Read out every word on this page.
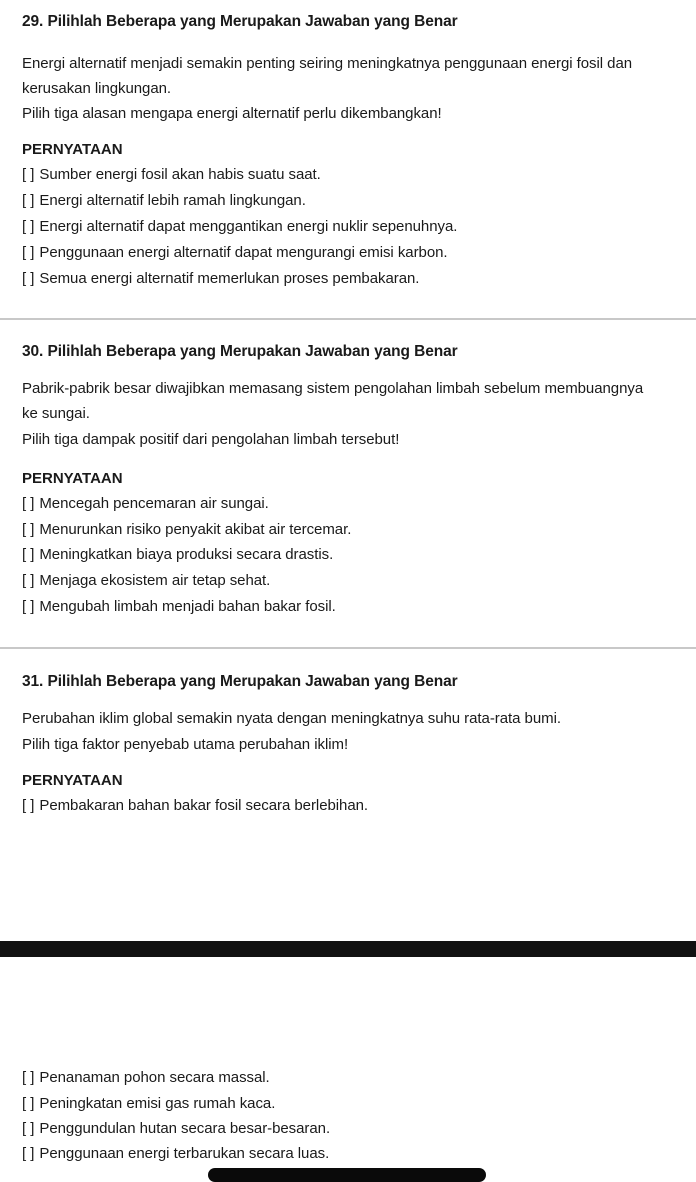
29. Pilihlah Beberapa yang Merupakan Jawaban yang Benar
Energi alternatif menjadi semakin penting seiring meningkatnya penggunaan energi fosil dan
kerusakan lingkungan.
Pilih tiga alasan mengapa energi alternatif perlu dikembangkan!
PERNYATAAN
[ ] Sumber energi fosil akan habis suatu saat.
[ ] Energi alternatif lebih ramah lingkungan.
[ ] Energi alternatif dapat menggantikan energi nuklir sepenuhnya.
[ ] Penggunaan energi alternatif dapat mengurangi emisi karbon.
[ ] Semua energi alternatif memerlukan proses pembakaran.
30. Pilihlah Beberapa yang Merupakan Jawaban yang Benar
Pabrik-pabrik besar diwajibkan memasang sistem pengolahan limbah sebelum membuangnya
ke sungai.
Pilih tiga dampak positif dari pengolahan limbah tersebut!
PERNYATAAN
[ ] Mencegah pencemaran air sungai.
[ ] Menurunkan risiko penyakit akibat air tercemar.
[ ] Meningkatkan biaya produksi secara drastis.
[ ] Menjaga ekosistem air tetap sehat.
[ ] Mengubah limbah menjadi bahan bakar fosil.
31. Pilihlah Beberapa yang Merupakan Jawaban yang Benar
Perubahan iklim global semakin nyata dengan meningkatnya suhu rata-rata bumi.
Pilih tiga faktor penyebab utama perubahan iklim!
PERNYATAAN
[ ] Pembakaran bahan bakar fosil secara berlebihan.
[ ] Penanaman pohon secara massal.
[ ] Peningkatan emisi gas rumah kaca.
[ ] Penggundulan hutan secara besar-besaran.
[ ] Penggunaan energi terbarukan secara luas.
